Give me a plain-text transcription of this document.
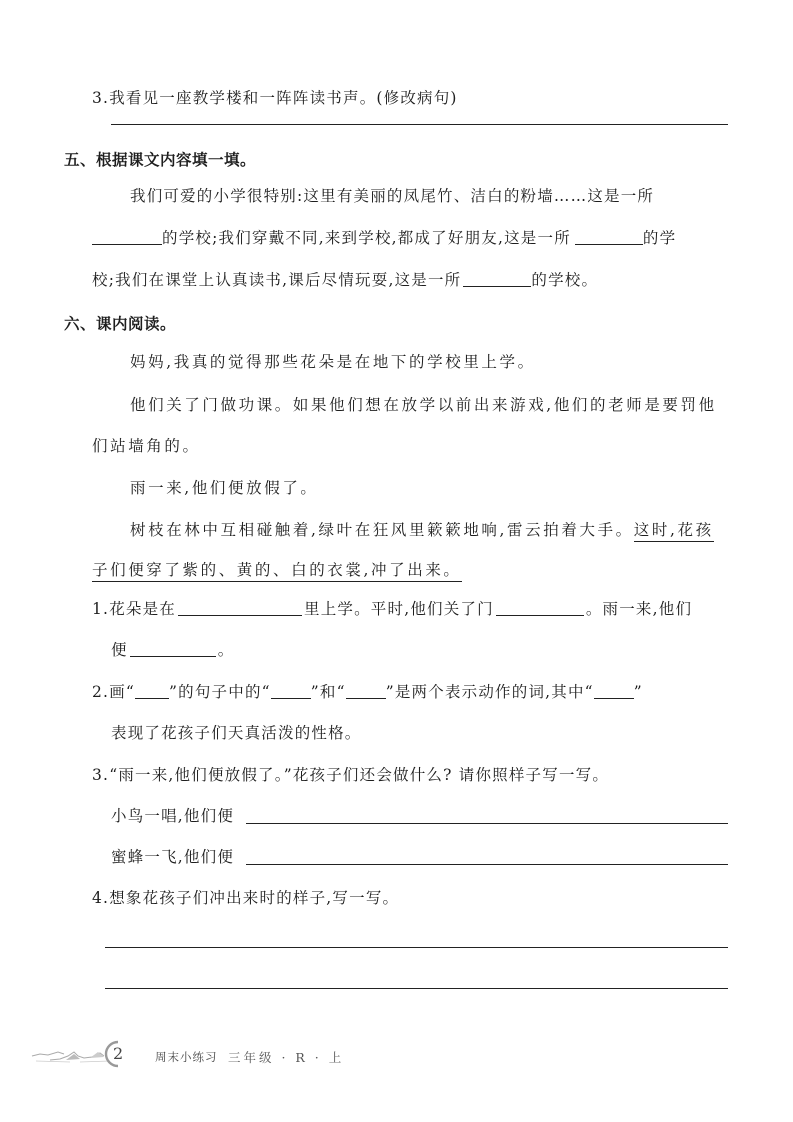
3.我看见一座教学楼和一阵阵读书声。(修改病句)
五、根据课文内容填一填。
我们可爱的小学很特别:这里有美丽的凤尾竹、洁白的粉墙……这是一所
的学校;我们穿戴不同,来到学校,都成了好朋友,这是一所	的学
校;我们在课堂上认真读书,课后尽情玩耍,这是一所	的学校。
六、课内阅读。
妈妈,我真的觉得那些花朵是在地下的学校里上学。
他们关了门做功课。如果他们想在放学以前出来游戏,他们的老师是要罚他
们站墙角的。
雨一来,他们便放假了。
树枝在林中互相碰触着,绿叶在狂风里簌簌地响,雷云拍着大手。这时,花孩
子们便穿了紫的、黄的、白的衣裳,冲了出来。
1.花朵是在	里上学。平时,他们关了门	。雨一来,他们
便	。
2.画“ ”的句子中的“	”和“	”是两个表示动作的词,其中“	”
表现了花孩子们天真活泼的性格。
3.“雨一来,他们便放假了。”花孩子们还会做什么? 请你照样子写一写。
小鸟一唱,他们便
蜜蜂一飞,他们便
4.想象花孩子们冲出来时的样子,写一写。
2	周末小练习 三年级 · R · 上
